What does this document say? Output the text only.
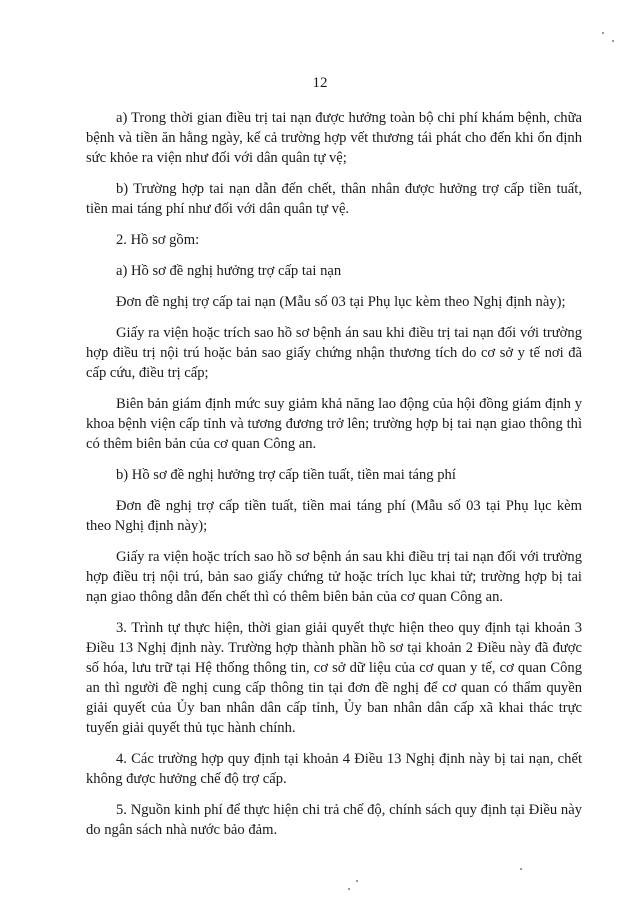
12

a) Trong thời gian điều trị tai nạn được hưởng toàn bộ chi phí khám bệnh, chữa bệnh và tiền ăn hằng ngày, kể cả trường hợp vết thương tái phát cho đến khi ổn định sức khỏe ra viện như đối với dân quân tự vệ;

b) Trường hợp tai nạn dẫn đến chết, thân nhân được hưởng trợ cấp tiền tuất, tiền mai táng phí như đối với dân quân tự vệ.

2. Hồ sơ gồm:

a) Hồ sơ đề nghị hưởng trợ cấp tai nạn

Đơn đề nghị trợ cấp tai nạn (Mẫu số 03 tại Phụ lục kèm theo Nghị định này);

Giấy ra viện hoặc trích sao hồ sơ bệnh án sau khi điều trị tai nạn đối với trường hợp điều trị nội trú hoặc bản sao giấy chứng nhận thương tích do cơ sở y tế nơi đã cấp cứu, điều trị cấp;

Biên bản giám định mức suy giảm khả năng lao động của hội đồng giám định y khoa bệnh viện cấp tỉnh và tương đương trở lên; trường hợp bị tai nạn giao thông thì có thêm biên bản của cơ quan Công an.

b) Hồ sơ đề nghị hưởng trợ cấp tiền tuất, tiền mai táng phí

Đơn đề nghị trợ cấp tiền tuất, tiền mai táng phí (Mẫu số 03 tại Phụ lục kèm theo Nghị định này);

Giấy ra viện hoặc trích sao hồ sơ bệnh án sau khi điều trị tai nạn đối với trường hợp điều trị nội trú, bản sao giấy chứng tử hoặc trích lục khai tử; trường hợp bị tai nạn giao thông dẫn đến chết thì có thêm biên bản của cơ quan Công an.

3. Trình tự thực hiện, thời gian giải quyết thực hiện theo quy định tại khoản 3 Điều 13 Nghị định này. Trường hợp thành phần hồ sơ tại khoản 2 Điều này đã được số hóa, lưu trữ tại Hệ thống thông tin, cơ sở dữ liệu của cơ quan y tế, cơ quan Công an thì người đề nghị cung cấp thông tin tại đơn đề nghị để cơ quan có thẩm quyền giải quyết của Ủy ban nhân dân cấp tỉnh, Ủy ban nhân dân cấp xã khai thác trực tuyến giải quyết thủ tục hành chính.

4. Các trường hợp quy định tại khoản 4 Điều 13 Nghị định này bị tai nạn, chết không được hưởng chế độ trợ cấp.

5. Nguồn kinh phí để thực hiện chi trả chế độ, chính sách quy định tại Điều này do ngân sách nhà nước bảo đảm.
